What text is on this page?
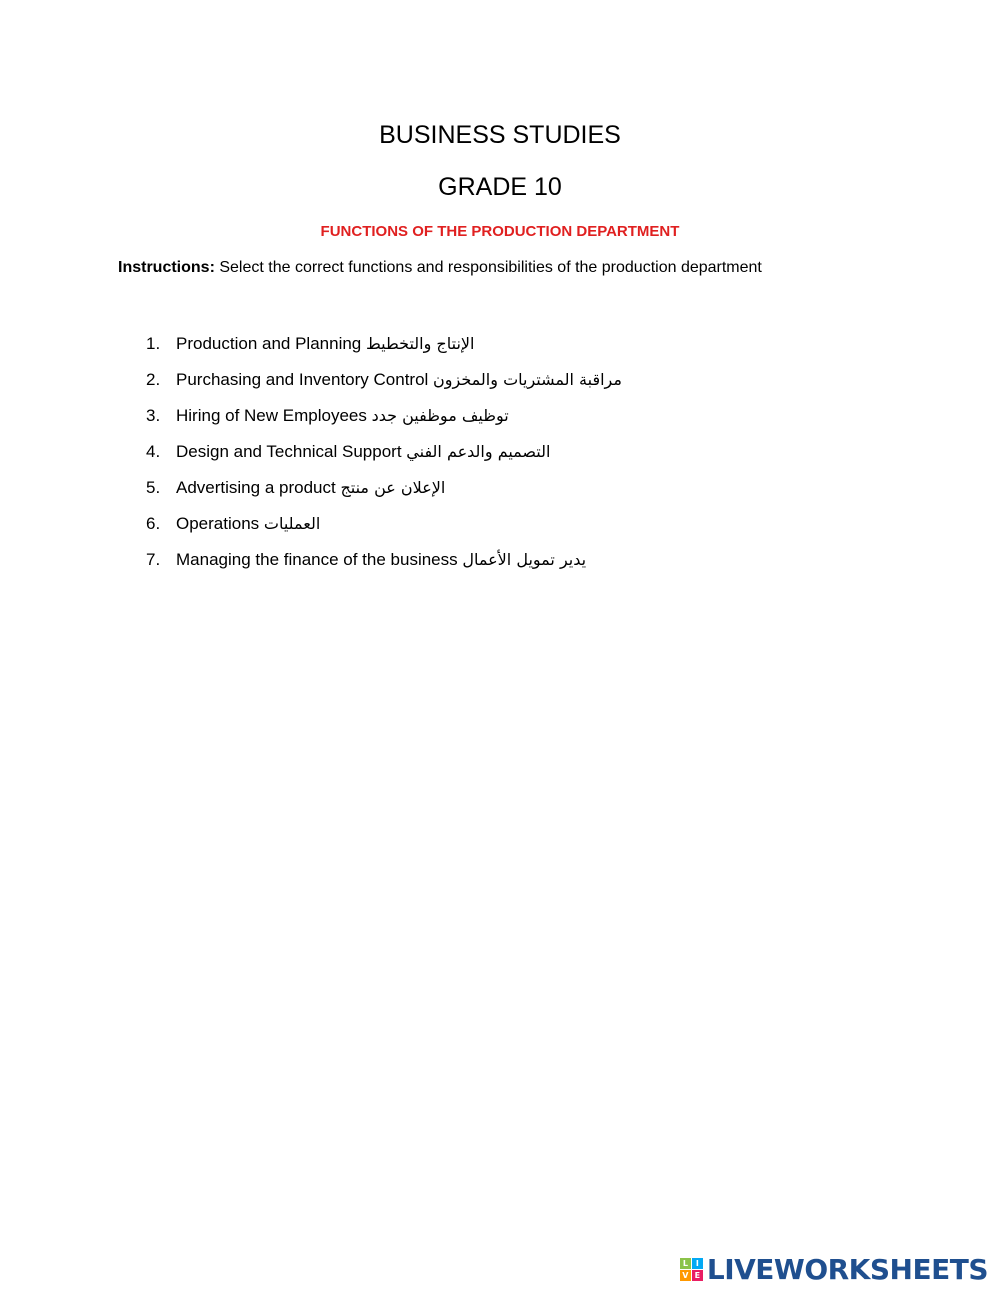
BUSINESS STUDIES
GRADE 10
FUNCTIONS OF THE PRODUCTION DEPARTMENT
Instructions: Select the correct functions and responsibilities of the production department
1. Production and Planning الإنتاج والتخطيط
2. Purchasing and Inventory Control مراقبة المشتريات والمخزون
3. Hiring of New Employees توظيف موظفين جدد
4. Design and Technical Support التصميم والدعم الفني
5. Advertising a product الإعلان عن منتج
6. Operations العمليات
7. Managing the finance of the business يدير تمويل الأعمال
L I
V E LIVEWORKSHEETS
